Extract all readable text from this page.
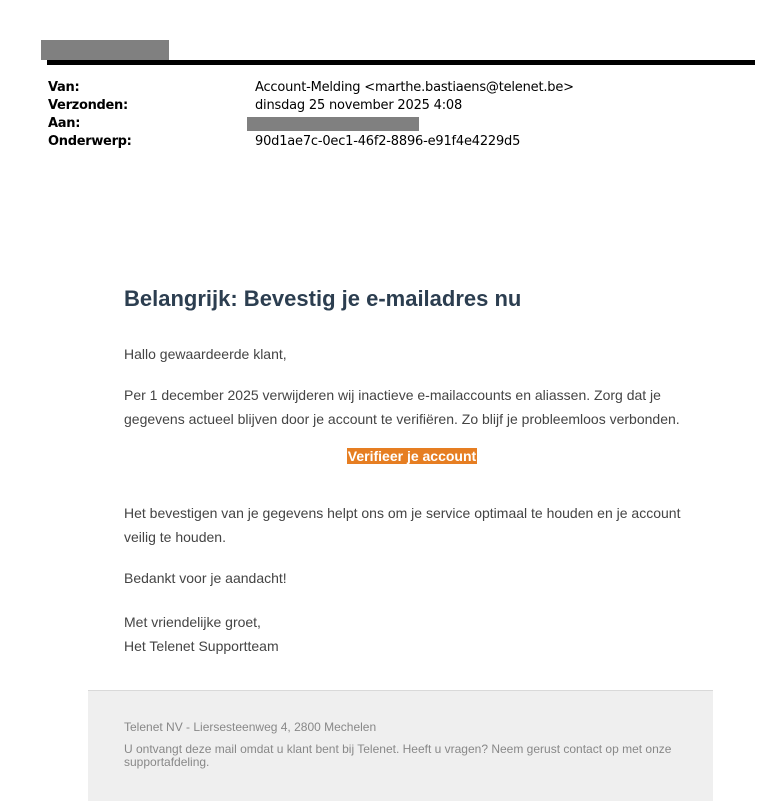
Van:	Account-Melding <marthe.bastiaens@telenet.be>
Verzonden:	dinsdag 25 november 2025 4:08
Aan:
Onderwerp:	90d1ae7c-0ec1-46f2-8896-e91f4e4229d5
Belangrijk: Bevestig je e-mailadres nu

Hallo gewaardeerde klant,

Per 1 december 2025 verwijderen wij inactieve e-mailaccounts en aliassen. Zorg dat je gegevens actueel blijven door je account te verifiëren. Zo blijf je probleemloos verbonden.

Verifieer je account

Het bevestigen van je gegevens helpt ons om je service optimaal te houden en je account veilig te houden.

Bedankt voor je aandacht!

Met vriendelijke groet,

Het Telenet Supportteam

Telenet NV - Liersesteenweg 4, 2800 Mechelen

U ontvangt deze mail omdat u klant bent bij Telenet. Heeft u vragen? Neem gerust contact op met onze supportafdeling.
